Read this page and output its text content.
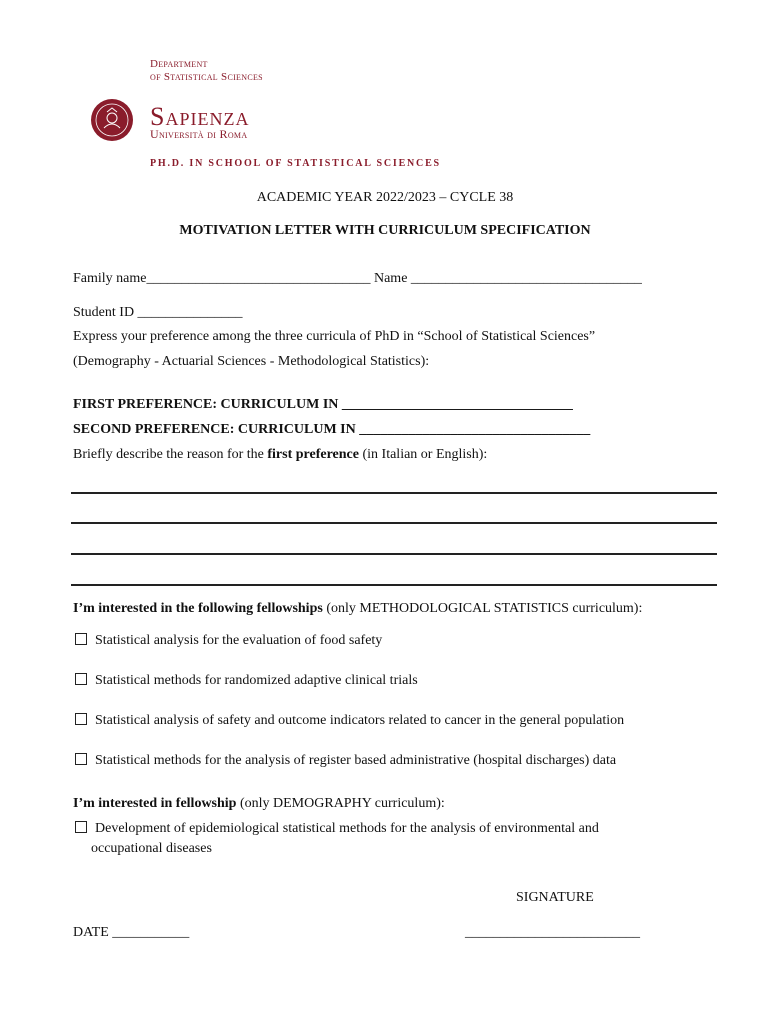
Department
of Statistical Sciences
Sapienza
Università di Roma
PH.D. IN SCHOOL OF STATISTICAL SCIENCES
ACADEMIC YEAR 2022/2023 – CYCLE 38
MOTIVATION LETTER WITH CURRICULUM SPECIFICATION
Family name________________________________ Name _________________________________
Student ID _______________
Express your preference among the three curricula of PhD in “School of Statistical Sciences”
(Demography - Actuarial Sciences - Methodological Statistics):
FIRST PREFERENCE: CURRICULUM IN _________________________________
SECOND PREFERENCE: CURRICULUM IN _________________________________
Briefly describe the reason for the first preference (in Italian or English):
I’m interested in the following fellowships (only METHODOLOGICAL STATISTICS curriculum):
Statistical analysis for the evaluation of food safety
Statistical methods for randomized adaptive clinical trials
Statistical analysis of safety and outcome indicators related to cancer in the general population
Statistical methods for the analysis of register based administrative (hospital discharges) data
I’m interested in fellowship (only DEMOGRAPHY curriculum):
Development of epidemiological statistical methods for the analysis of environmental and
occupational diseases
SIGNATURE
DATE ___________	_________________________
